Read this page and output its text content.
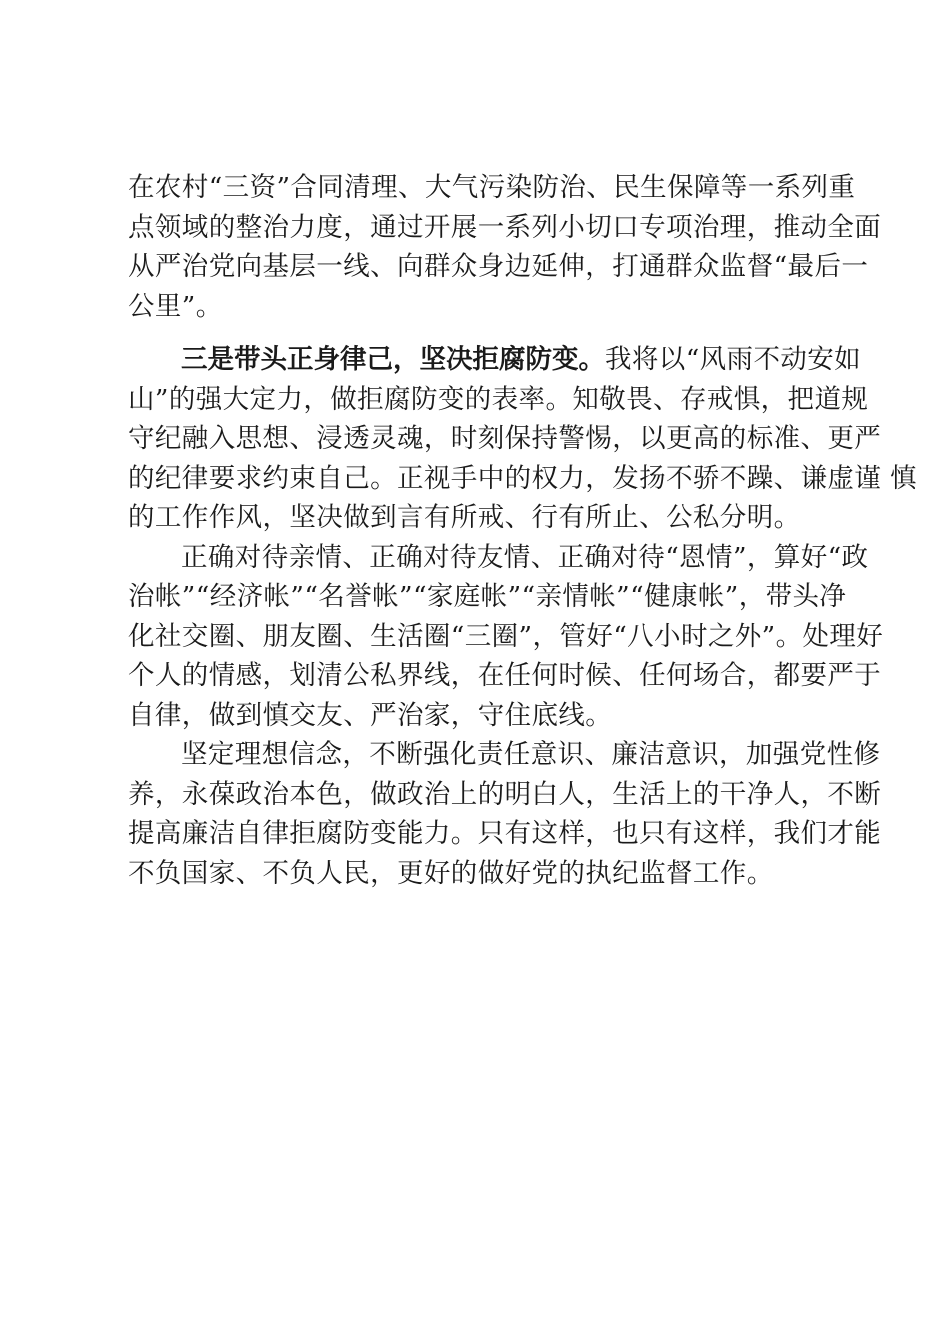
在农村“三资”合同清理、大气污染防治、民生保障等一系列重
点领域的整治力度，通过开展一系列小切口专项治理，推动全面
从严治党向基层一线、向群众身边延伸，打通群众监督“最后一
公里”。
三是带头正身律己，坚决拒腐防变。我将以“风雨不动安如
山”的强大定力，做拒腐防变的表率。知敬畏、存戒惧，把道规
守纪融入思想、浸透灵魂，时刻保持警惕，以更高的标准、更严
的纪律要求约束自己。正视手中的权力，发扬不骄不躁、谦虚谨 慎
的工作作风，坚决做到言有所戒、行有所止、公私分明。
正确对待亲情、正确对待友情、正确对待“恩情”，算好“政
治帐”“经济帐”“名誉帐”“家庭帐”“亲情帐”“健康帐”，带头净
化社交圈、朋友圈、生活圈“三圈”，管好“八小时之外”。处理好
个人的情感，划清公私界线，在任何时候、任何场合，都要严于
自律，做到慎交友、严治家，守住底线。
坚定理想信念，不断强化责任意识、廉洁意识，加强党性修
养，永葆政治本色，做政治上的明白人，生活上的干净人，不断
提高廉洁自律拒腐防变能力。只有这样，也只有这样，我们才能
不负国家、不负人民，更好的做好党的执纪监督工作。
